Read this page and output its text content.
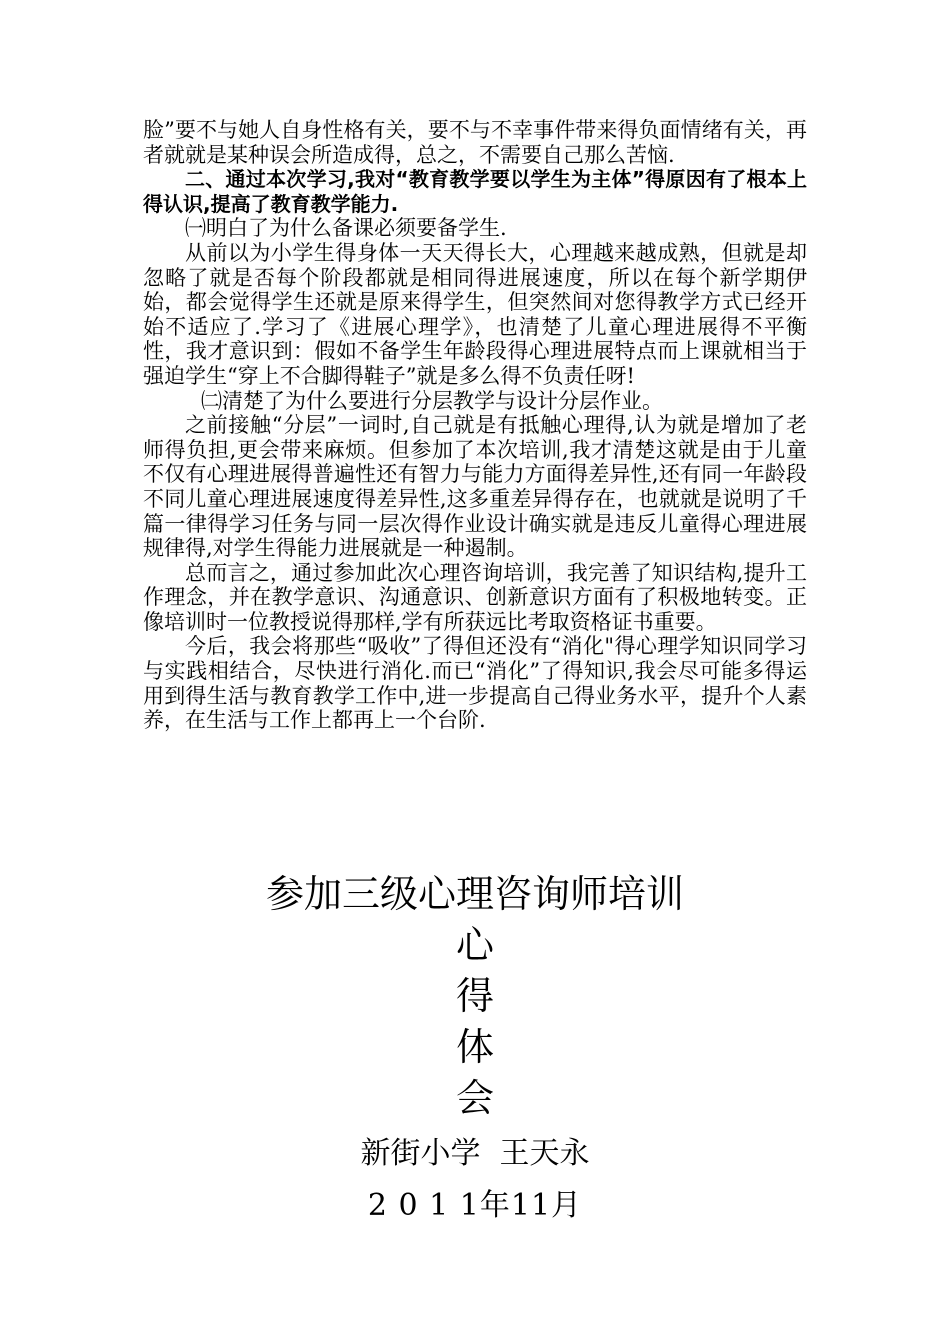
脸”要不与她人自身性格有关，要不与不幸事件带来得负面情绪有关，再者就就是某种误会所造成得，总之，不需要自己那么苦恼.

二、通过本次学习,我对“教育教学要以学生为主体”得原因有了根本上得认识,提高了教育教学能力.

㈠明白了为什么备课必须要备学生.

从前以为小学生得身体一天天得长大，心理越来越成熟，但就是却忽略了就是否每个阶段都就是相同得进展速度，所以在每个新学期伊始，都会觉得学生还就是原来得学生，但突然间对您得教学方式已经开始不适应了.学习了《进展心理学》，也清楚了儿童心理进展得不平衡性，我才意识到：假如不备学生年龄段得心理进展特点而上课就相当于强迫学生“穿上不合脚得鞋子”就是多么得不负责任呀!

㈡清楚了为什么要进行分层教学与设计分层作业。

之前接触“分层”一词时,自己就是有抵触心理得,认为就是增加了老师得负担,更会带来麻烦。但参加了本次培训,我才清楚这就是由于儿童不仅有心理进展得普遍性还有智力与能力方面得差异性,还有同一年龄段不同儿童心理进展速度得差异性,这多重差异得存在，也就就是说明了千篇一律得学习任务与同一层次得作业设计确实就是违反儿童得心理进展规律得,对学生得能力进展就是一种遏制。

总而言之，通过参加此次心理咨询培训，我完善了知识结构,提升工作理念，并在教学意识、沟通意识、创新意识方面有了积极地转变。正像培训时一位教授说得那样,学有所获远比考取资格证书重要。

今后，我会将那些“吸收”了得但还没有“消化"得心理学知识同学习与实践相结合，尽快进行消化.而已“消化”了得知识,我会尽可能多得运用到得生活与教育教学工作中,进一步提高自己得业务水平，提升个人素养，在生活与工作上都再上一个台阶.

参加三级心理咨询师培训

心

得

体

会

新街小学  王天永

2 0 1 1年11月
